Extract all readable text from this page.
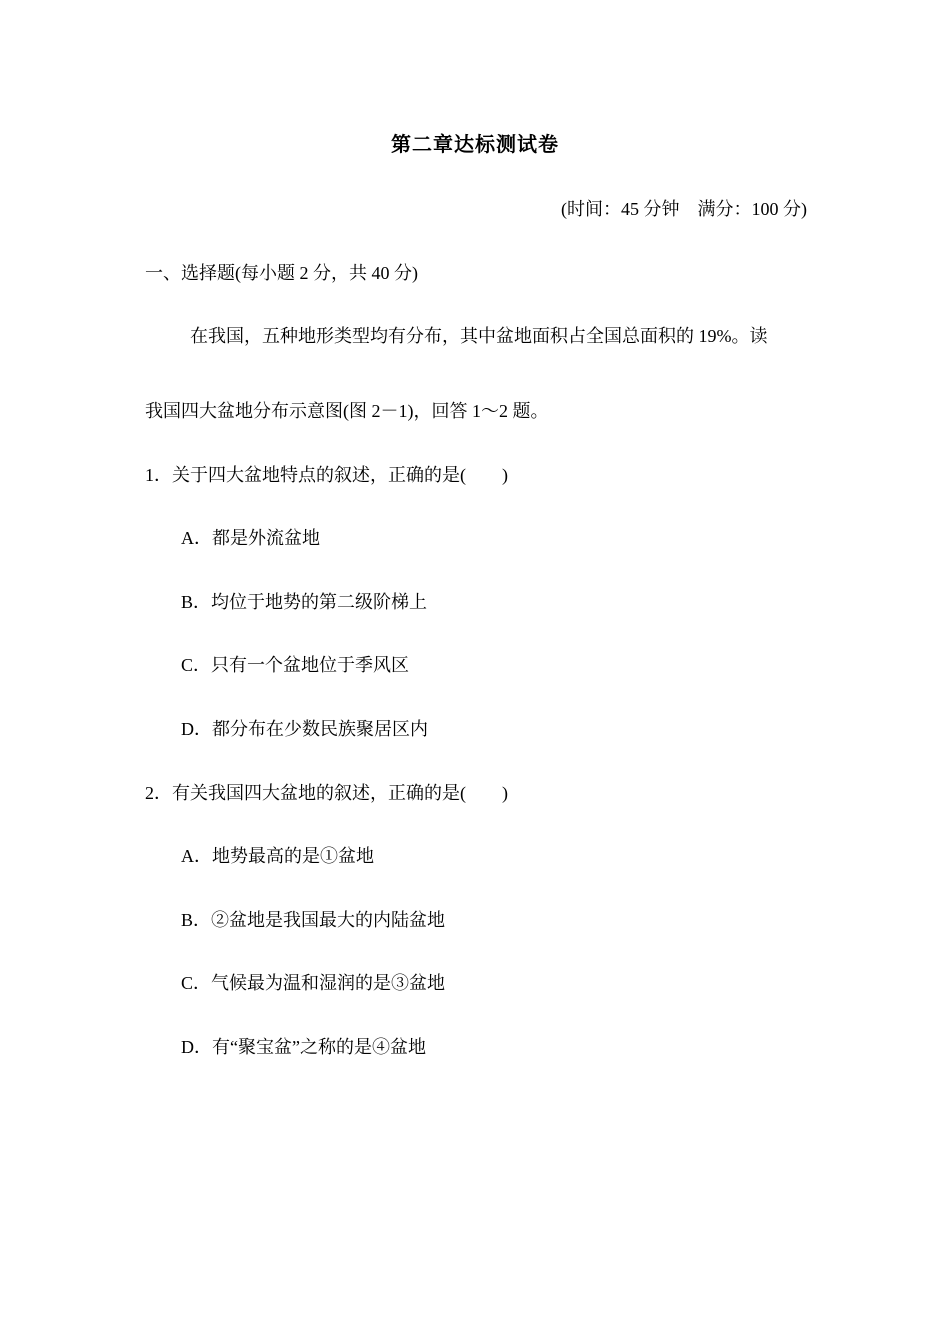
第二章达标测试卷
(时间：45 分钟　满分：100 分)
一、选择题(每小题 2 分，共 40 分)
在我国，五种地形类型均有分布，其中盆地面积占全国总面积的 19%。读
我国四大盆地分布示意图(图 2－1)，回答 1～2 题。
1．关于四大盆地特点的叙述，正确的是(　　)
A．都是外流盆地
B．均位于地势的第二级阶梯上
C．只有一个盆地位于季风区
D．都分布在少数民族聚居区内
2．有关我国四大盆地的叙述，正确的是(　　)
A．地势最高的是①盆地
B．②盆地是我国最大的内陆盆地
C．气候最为温和湿润的是③盆地
D．有“聚宝盆”之称的是④盆地
